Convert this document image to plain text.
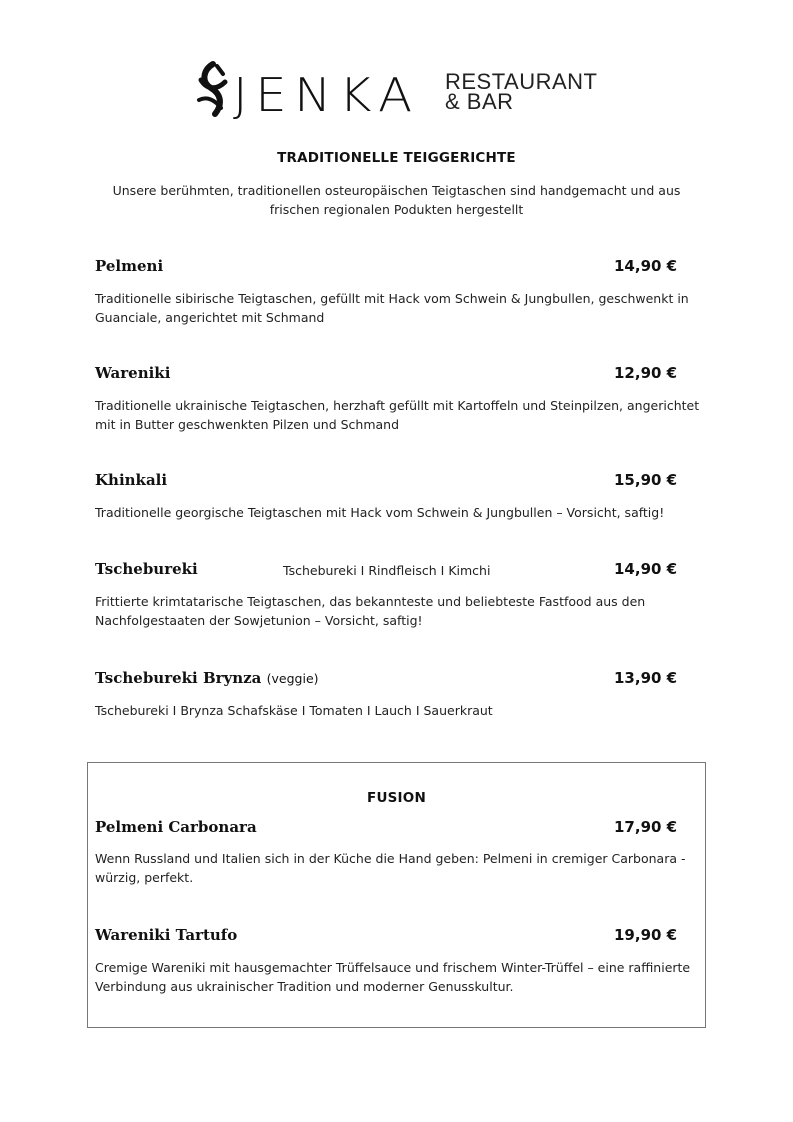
JENKA RESTAURANT
& BAR
TRADITIONELLE TEIGGERICHTE
Unsere berühmten, traditionellen osteuropäischen Teigtaschen sind handgemacht und aus frischen regionalen Podukten hergestellt
Pelmeni	14,90 €
Traditionelle sibirische Teigtaschen, gefüllt mit Hack vom Schwein & Jungbullen, geschwenkt in Guanciale, angerichtet mit Schmand
Wareniki	12,90 €
Traditionelle ukrainische Teigtaschen, herzhaft gefüllt mit Kartoffeln und Steinpilzen, angerichtet mit in Butter geschwenkten Pilzen und Schmand
Khinkali	15,90 €
Traditionelle georgische Teigtaschen mit Hack vom Schwein & Jungbullen – Vorsicht, saftig!
Tschebureki	Tschebureki I Rindfleisch I Kimchi	14,90 €
Frittierte krimtatarische Teigtaschen, das bekannteste und beliebteste Fastfood aus den Nachfolgestaaten der Sowjetunion – Vorsicht, saftig!
Tschebureki Brynza (veggie)	13,90 €
Tschebureki I Brynza Schafskäse I Tomaten I Lauch I Sauerkraut
FUSION
Pelmeni Carbonara	17,90 €
Wenn Russland und Italien sich in der Küche die Hand geben: Pelmeni in cremiger Carbonara - würzig, perfekt.
Wareniki Tartufo	19,90 €
Cremige Wareniki mit hausgemachter Trüffelsauce und frischem Winter-Trüffel – eine raffinierte Verbindung aus ukrainischer Tradition und moderner Genusskultur.
